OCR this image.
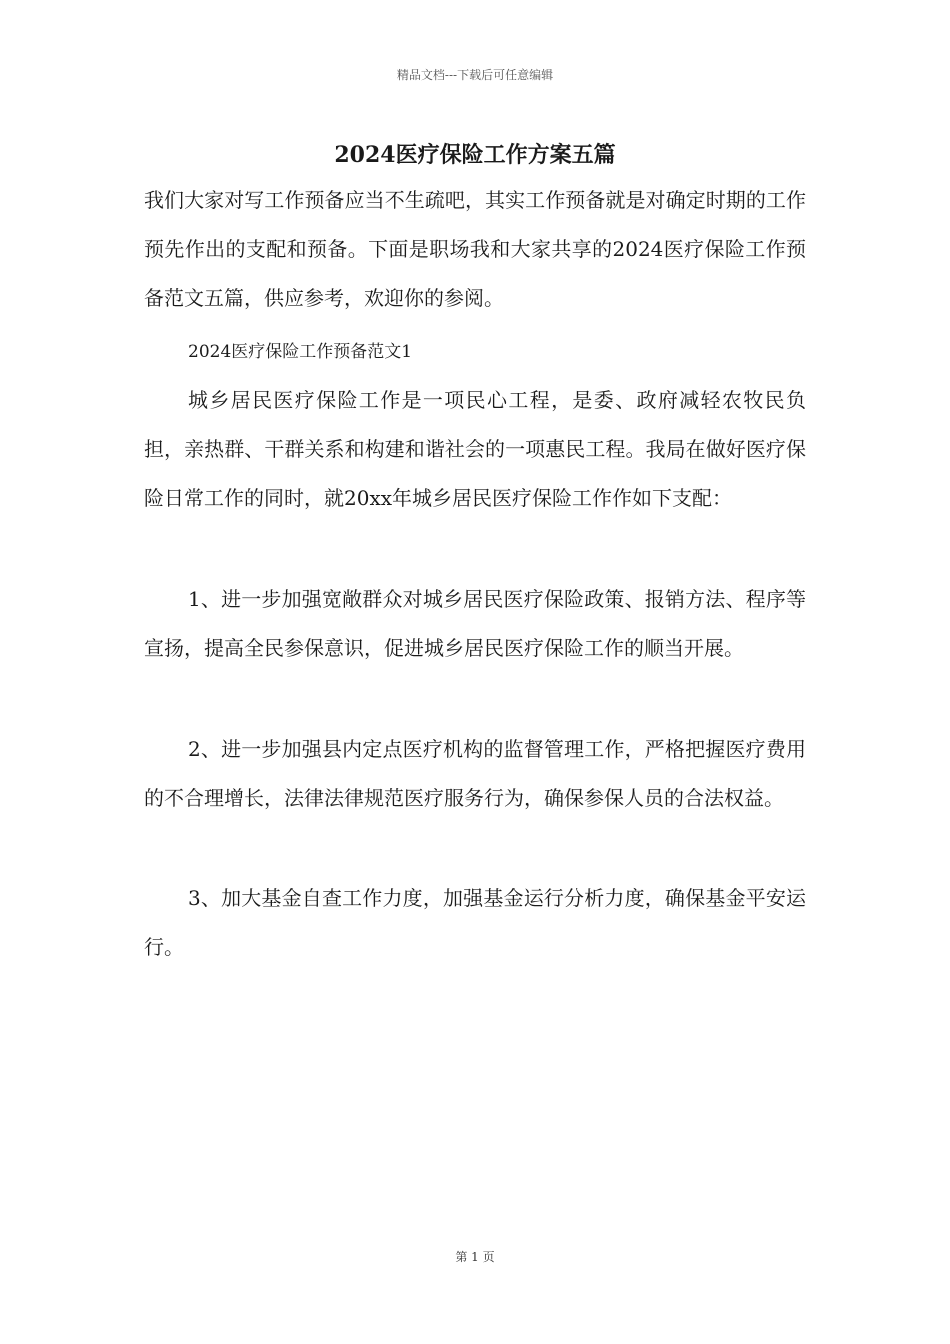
精品文档---下载后可任意编辑
2024医疗保险工作方案五篇

我们大家对写工作预备应当不生疏吧，其实工作预备就是对确定时期的工作预先作出的支配和预备。下面是职场我和大家共享的2024医疗保险工作预备范文五篇，供应参考，欢迎你的参阅。

2024医疗保险工作预备范文1

城乡居民医疗保险工作是一项民心工程，是委、政府减轻农牧民负担，亲热群、干群关系和构建和谐社会的一项惠民工程。我局在做好医疗保险日常工作的同时，就20xx年城乡居民医疗保险工作作如下支配：

1、进一步加强宽敞群众对城乡居民医疗保险政策、报销方法、程序等宣扬，提高全民参保意识，促进城乡居民医疗保险工作的顺当开展。

2、进一步加强县内定点医疗机构的监督管理工作，严格把握医疗费用的不合理增长，法律法律规范医疗服务行为，确保参保人员的合法权益。

3、加大基金自查工作力度，加强基金运行分析力度，确保基金平安运行。

第 1 页
